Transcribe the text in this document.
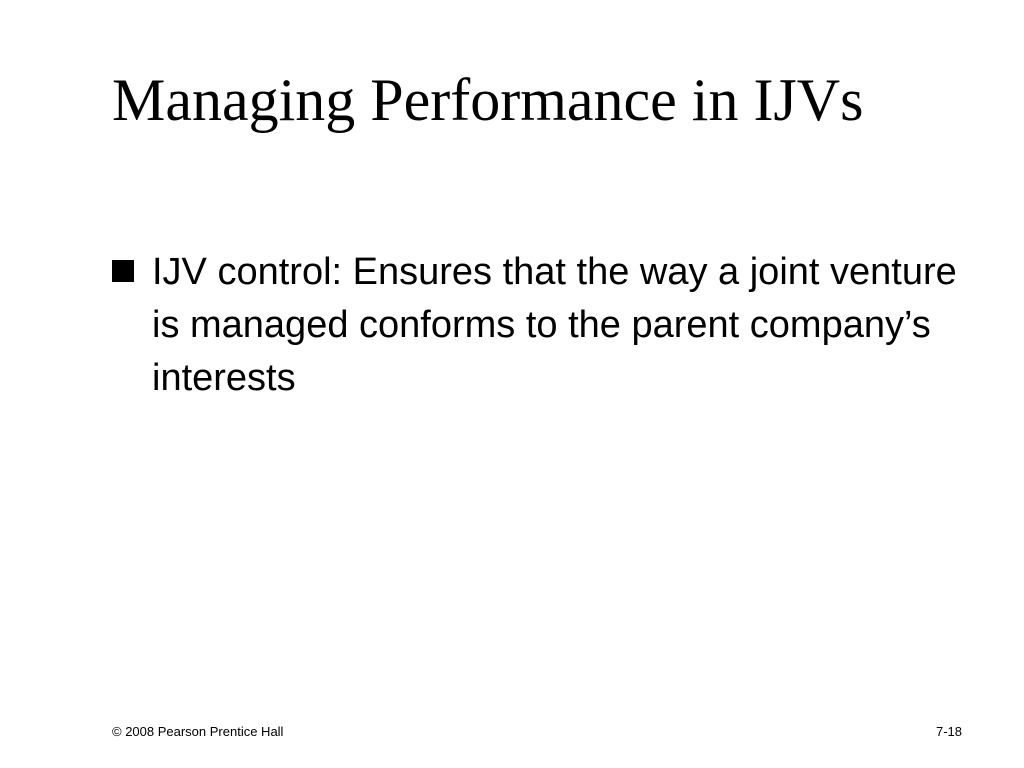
Managing Performance in IJVs
IJV control: Ensures that the way a joint venture is managed conforms to the parent company’s interests
© 2008 Pearson Prentice Hall	7-18
